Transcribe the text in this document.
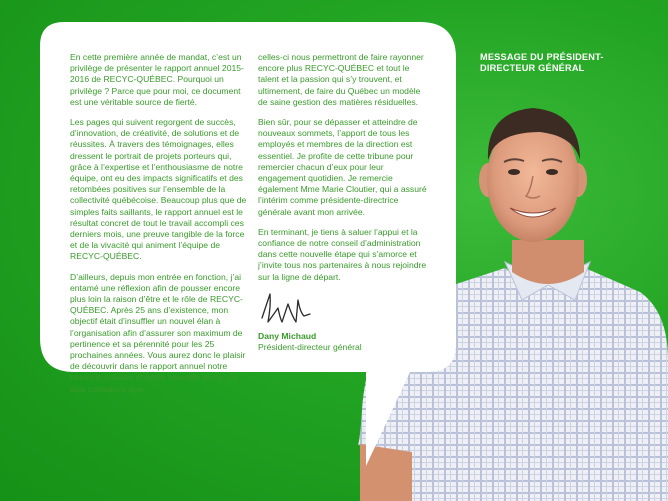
MESSAGE DU PRÉSIDENT-DIRECTEUR GÉNÉRAL

En cette première année de mandat, c’est un privilège de présenter le rapport annuel 2015-2016 de RECYC-QUÉBEC. Pourquoi un privilège ? Parce que pour moi, ce document est une véritable source de fierté.

Les pages qui suivent regorgent de succès, d’innovation, de créativité, de solutions et de réussites. À travers des témoignages, elles dressent le portrait de projets porteurs qui, grâce à l’expertise et l’enthousiasme de notre équipe, ont eu des impacts significatifs et des retombées positives sur l’ensemble de la collectivité québécoise. Beaucoup plus que de simples faits saillants, le rapport annuel est le résultat concret de tout le travail accompli ces derniers mois, une preuve tangible de la force et de la vivacité qui animent l’équipe de RECYC-QUÉBEC.

D’ailleurs, depuis mon entrée en fonction, j’ai entamé une réflexion afin de pousser encore plus loin la raison d’être et le rôle de RECYC-QUÉBEC. Après 25 ans d’existence, mon objectif était d’insuffler un nouvel élan à l’organisation afin d’assurer son maximum de pertinence et sa pérennité pour les 25 prochaines années. Vous aurez donc le plaisir de découvrir dans le rapport annuel notre nouvelle mission et notre nouvelle vision. Je suis convaincu que

celles-ci nous permettront de faire rayonner encore plus RECYC-QUÉBEC et tout le talent et la passion qui s’y trouvent, et ultimement, de faire du Québec un modèle de saine gestion des matières résiduelles.

Bien sûr, pour se dépasser et atteindre de nouveaux sommets, l’apport de tous les employés et membres de la direction est essentiel. Je profite de cette tribune pour remercier chacun d’eux pour leur engagement quotidien. Je remercie également Mme Marie Cloutier, qui a assuré l’intérim comme présidente-directrice générale avant mon arrivée.

En terminant, je tiens à saluer l’appui et la confiance de notre conseil d’administration dans cette nouvelle étape qui s’amorce et j’invite tous nos partenaires à nous rejoindre sur la ligne de départ.

Dany Michaud
Président-directeur général
